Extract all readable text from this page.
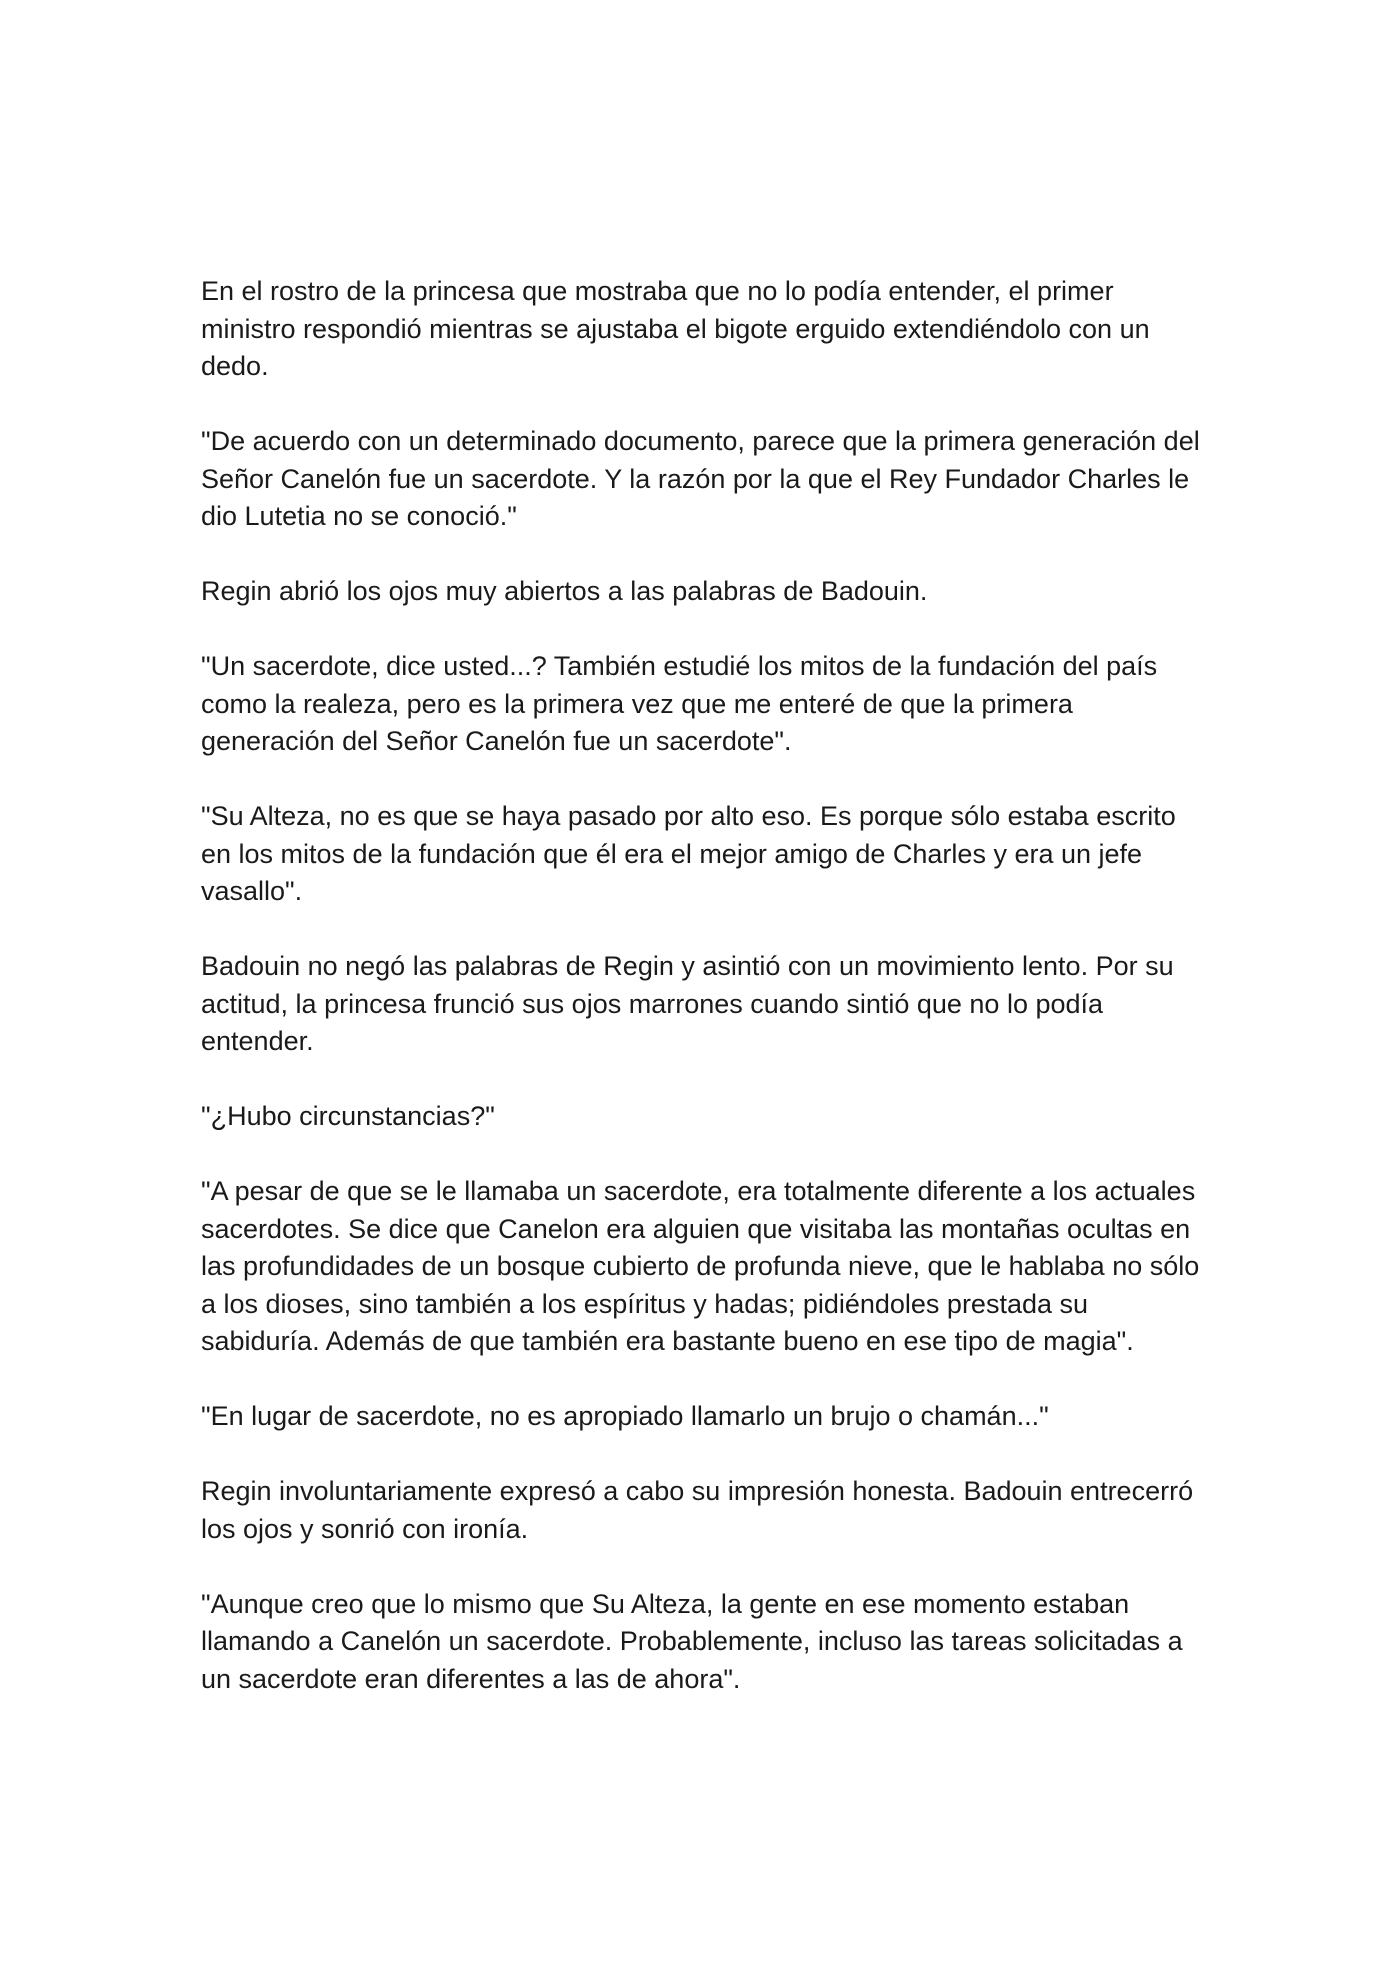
En el rostro de la princesa que mostraba que no lo podía entender, el primer ministro respondió mientras se ajustaba el bigote erguido extendiéndolo con un dedo.

"De acuerdo con un determinado documento, parece que la primera generación del Señor Canelón fue un sacerdote. Y la razón por la que el Rey Fundador Charles le dio Lutetia no se conoció."

Regin abrió los ojos muy abiertos a las palabras de Badouin.

"Un sacerdote, dice usted...? También estudié los mitos de la fundación del país como la realeza, pero es la primera vez que me enteré de que la primera generación del Señor Canelón fue un sacerdote".

"Su Alteza, no es que se haya pasado por alto eso. Es porque sólo estaba escrito en los mitos de la fundación que él era el mejor amigo de Charles y era un jefe vasallo".

Badouin no negó las palabras de Regin y asintió con un movimiento lento. Por su actitud, la princesa frunció sus ojos marrones cuando sintió que no lo podía entender.

"¿Hubo circunstancias?"

"A pesar de que se le llamaba un sacerdote, era totalmente diferente a los actuales sacerdotes. Se dice que Canelon era alguien que visitaba las montañas ocultas en las profundidades de un bosque cubierto de profunda nieve, que le hablaba no sólo a los dioses, sino también a los espíritus y hadas; pidiéndoles prestada su sabiduría. Además de que también era bastante bueno en ese tipo de magia".

"En lugar de sacerdote, no es apropiado llamarlo un brujo o chamán..."

Regin involuntariamente expresó a cabo su impresión honesta. Badouin entrecerró los ojos y sonrió con ironía.

"Aunque creo que lo mismo que Su Alteza, la gente en ese momento estaban llamando a Canelón un sacerdote. Probablemente, incluso las tareas solicitadas a un sacerdote eran diferentes a las de ahora".
